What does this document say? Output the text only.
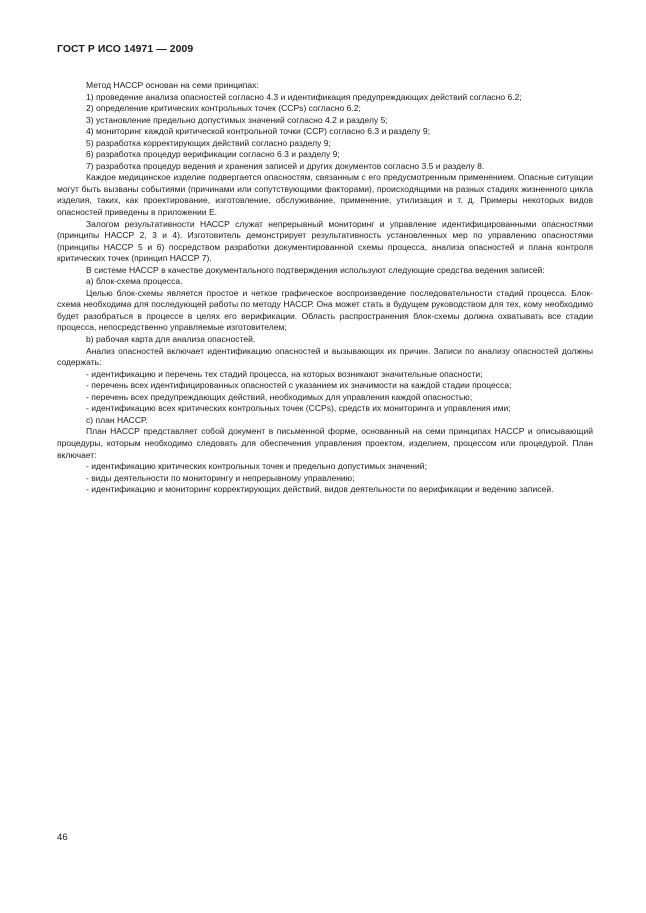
ГОСТ Р ИСО 14971 — 2009

Метод НАССР основан на семи принципах:

1) проведение анализа опасностей согласно 4.3 и идентификация предупреждающих действий согласно 6.2;

2) определение критических контрольных точек (ССРs) согласно 6.2;

3) установление предельно допустимых значений согласно 4.2 и разделу 5;

4) мониторинг каждой критической контрольной точки (ССР) согласно 6.3 и разделу 9;

5) разработка корректирующих действий согласно разделу 9;

6) разработка процедур верификации согласно 6.3 и разделу 9;

7) разработка процедур ведения и хранения записей и других документов согласно 3.5 и разделу 8.

Каждое медицинское изделие подвергается опасностям, связанным с его предусмотренным применением. Опасные ситуации могут быть вызваны событиями (причинами или сопутствующими факторами), происходящими на разных стадиях жизненного цикла изделия, таких, как проектирование, изготовление, обслуживание, применение, утилизация и т. д. Примеры некоторых видов опасностей приведены в приложении Е.

Залогом результативности НАССР служат непрерывный мониторинг и управление идентифицированными опасностями (принципы НАССР 2, 3 и 4). Изготовитель демонстрирует результативность установленных мер по управлению опасностями (принципы НАССР 5 и 6) посредством разработки документированной схемы процесса, анализа опасностей и плана контроля критических точек (принцип НАССР 7).

В системе НАССР в качестве документального подтверждения используют следующие средства ведения записей:

а) блок-схема процесса.

Целью блок-схемы является простое и четкое графическое воспроизведение последовательности стадий процесса. Блок-схема необходима для последующей работы по методу НАССР. Она может стать в будущем руководством для тех, кому необходимо будет разобраться в процессе в целях его верификации. Область распространения блок-схемы должна охватывать все стадии процесса, непосредственно управляемые изготовителем;

b) рабочая карта для анализа опасностей.

Анализ опасностей включает идентификацию опасностей и вызывающих их причин. Записи по анализу опасностей должны содержать:

- идентификацию и перечень тех стадий процесса, на которых возникают значительные опасности;

- перечень всех идентифицированных опасностей с указанием их значимости на каждой стадии процесса;

- перечень всех предупреждающих действий, необходимых для управления каждой опасностью;

- идентификацию всех критических контрольных точек (ССРs), средств их мониторинга и управления ими;

с) план НАССР.

План НАССР представляет собой документ в письменной форме, основанный на семи принципах НАССР и описывающий процедуры, которым необходимо следовать для обеспечения управления проектом, изделием, процессом или процедурой. План включает:

- идентификацию критических контрольных точек и предельно допустимых значений;

- виды деятельности по мониторингу и непрерывному управлению;

- идентификацию и мониторинг корректирующих действий, видов деятельности по верификации и ведению записей.

46
